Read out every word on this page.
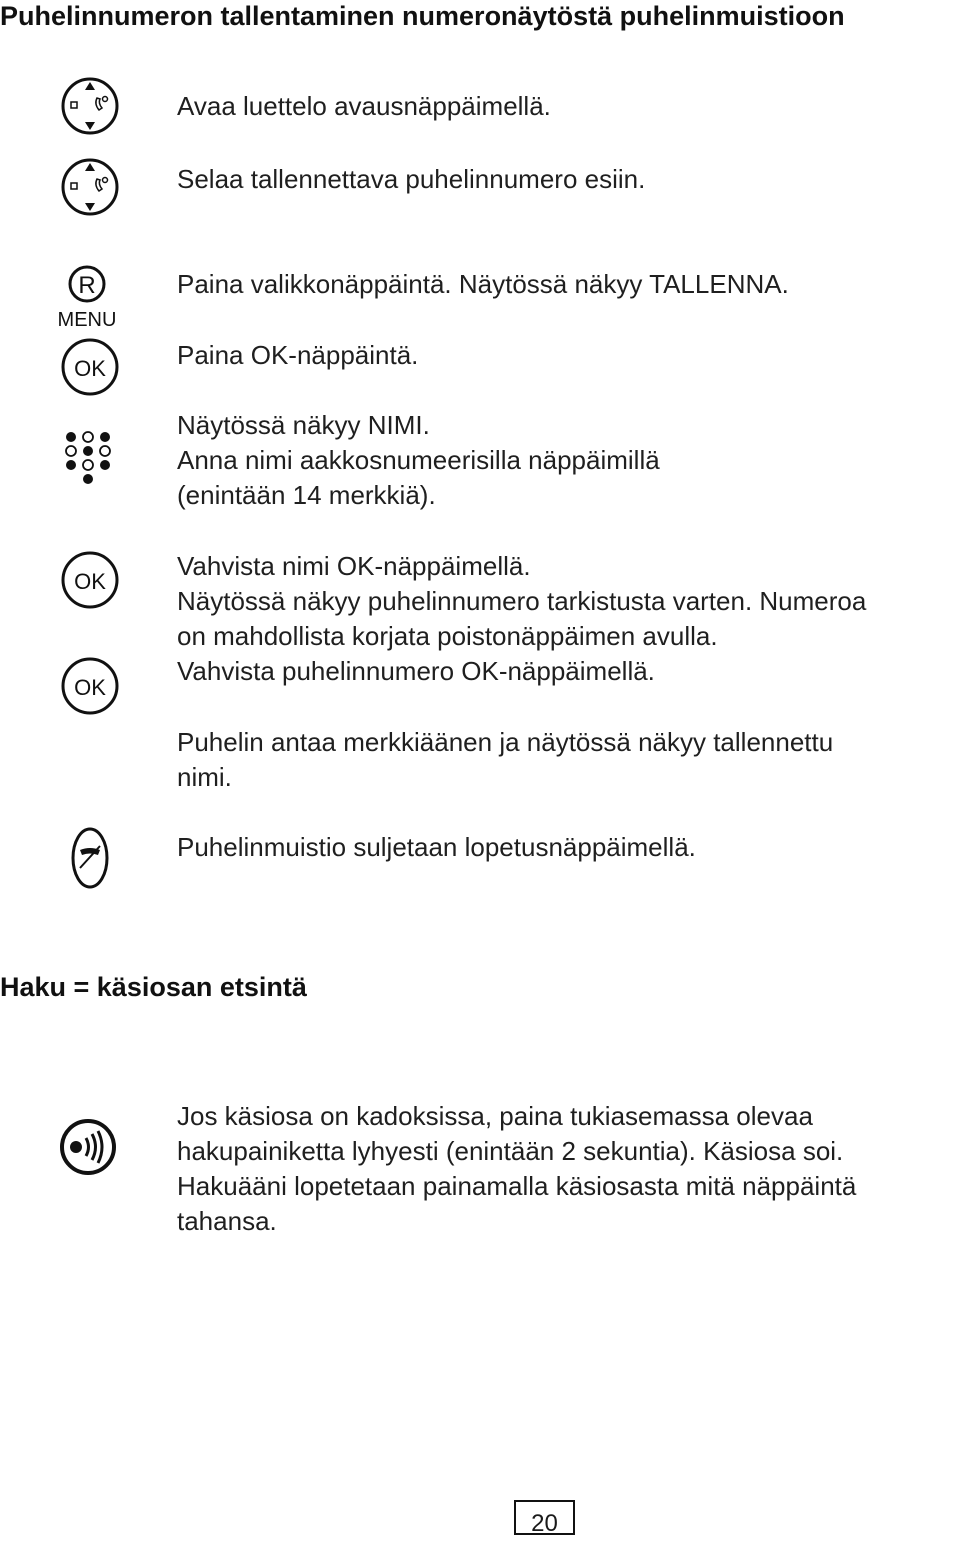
Puhelinnumeron tallentaminen numeronäytöstä puhelinmuistioon
R
MENU
OK
OK
OK

Avaa luettelo avausnäppäimellä.

Selaa tallennettava puhelinnumero esiin.

Paina valikkonäppäintä. Näytössä näkyy TALLENNA.

Paina OK-näppäintä.

Näytössä näkyy NIMI.

Anna nimi aakkosnumeerisilla näppäimillä

(enintään 14 merkkiä).

Vahvista nimi OK-näppäimellä.

Näytössä näkyy puhelinnumero tarkistusta varten. Numeroa

on mahdollista korjata poistonäppäimen avulla.

Vahvista puhelinnumero OK-näppäimellä.

Puhelin antaa merkkiäänen ja näytössä näkyy tallennettu

nimi.

Puhelinmuistio suljetaan lopetusnäppäimellä.

Haku = käsiosan etsintä

Jos käsiosa on kadoksissa, paina tukiasemassa olevaa

hakupainiketta lyhyesti (enintään 2 sekuntia). Käsiosa soi.

Hakuääni lopetetaan painamalla käsiosasta mitä näppäintä

tahansa.

20
